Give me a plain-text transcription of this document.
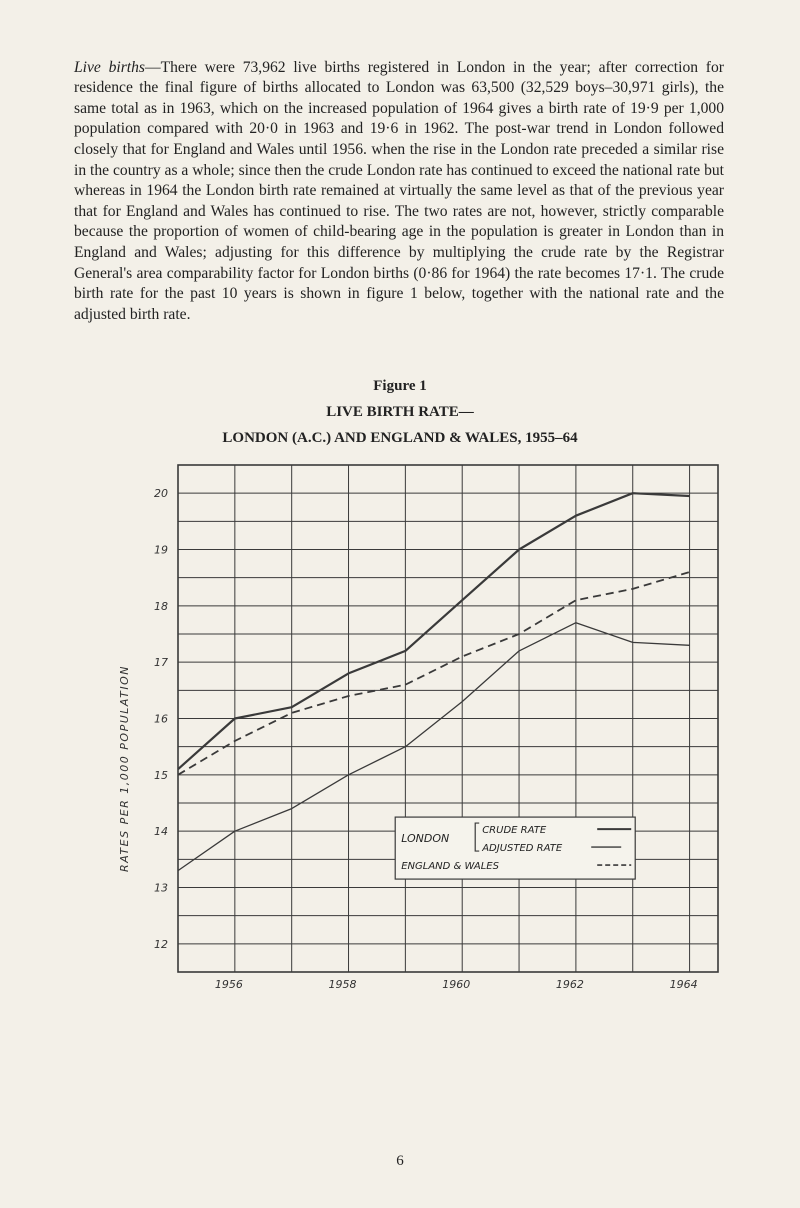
Live births—There were 73,962 live births registered in London in the year; after correction for residence the final figure of births allocated to London was 63,500 (32,529 boys–30,971 girls), the same total as in 1963, which on the increased population of 1964 gives a birth rate of 19·9 per 1,000 population compared with 20·0 in 1963 and 19·6 in 1962. The post-war trend in London followed closely that for England and Wales until 1956. when the rise in the London rate preceded a similar rise in the country as a whole; since then the crude London rate has continued to exceed the national rate but whereas in 1964 the London birth rate remained at virtually the same level as that of the previous year that for England and Wales has continued to rise. The two rates are not, however, strictly comparable because the proportion of women of child-bearing age in the population is greater in London than in England and Wales; adjusting for this difference by multiplying the crude rate by the Registrar General's area comparability factor for London births (0·86 for 1964) the rate becomes 17·1. The crude birth rate for the past 10 years is shown in figure 1 below, together with the national rate and the adjusted birth rate.

Figure 1
LIVE BIRTH RATE—
LONDON (A.C.) AND ENGLAND & WALES, 1955–64
12
13
14
15
16
17
18
19
20
1956	1958	1960	1962	1964
RATES PER 1,000 POPULATION	LONDON
CRUDE RATE
ADJUSTED RATE
ENGLAND & WALES
6
